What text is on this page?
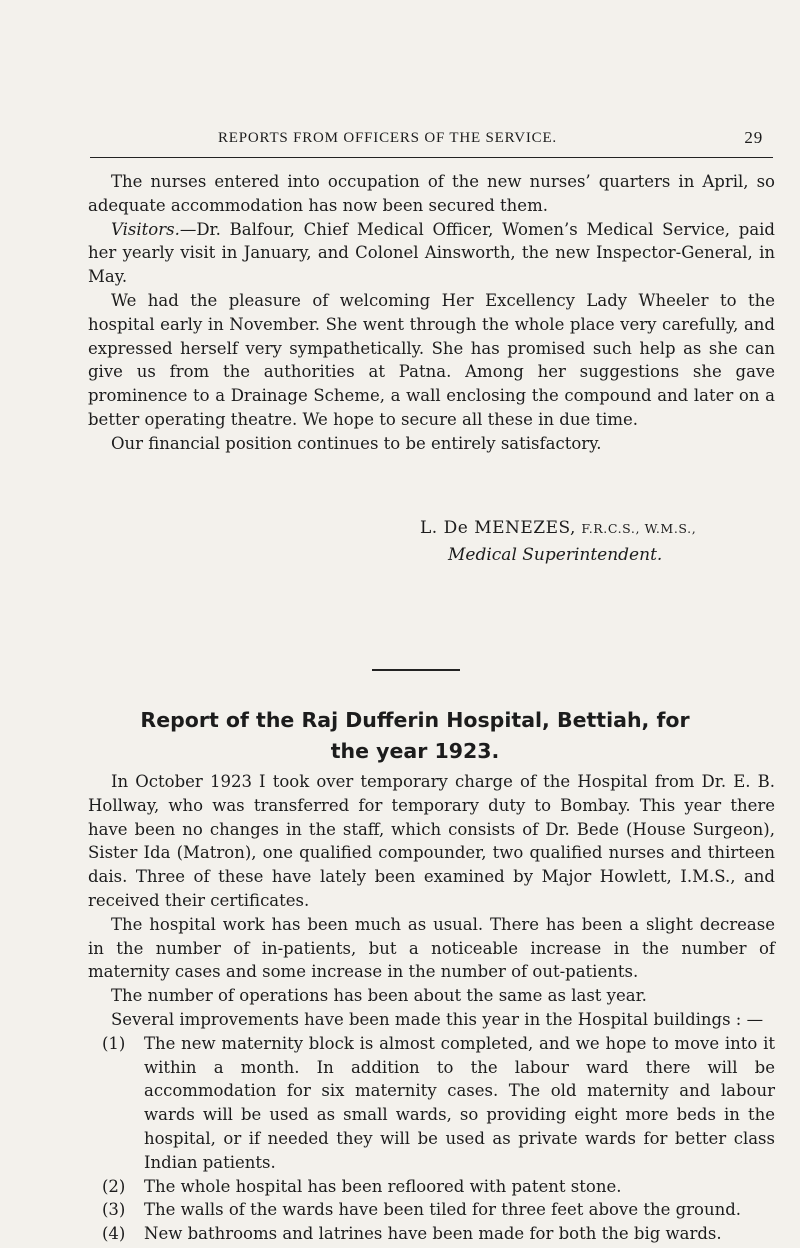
REPORTS FROM OFFICERS OF THE SERVICE.	29

The nurses entered into occupation of the new nurses’ quarters in April, so adequate accommodation has now been secured them.

Visitors.—Dr. Balfour, Chief Medical Officer, Women’s Medical Service, paid her yearly visit in January, and Colonel Ainsworth, the new Inspector-General, in May.

We had the pleasure of welcoming Her Excellency Lady Wheeler to the hospital early in November. She went through the whole place very carefully, and expressed herself very sympathetically. She has promised such help as she can give us from the authorities at Patna. Among her suggestions she gave prominence to a Drainage Scheme, a wall enclosing the compound and later on a better operating theatre. We hope to secure all these in due time.

Our financial position continues to be entirely satisfactory.

L. De MENEZES, F.R.C.S., W.M.S.,
Medical Superintendent.
Report of the Raj Dufferin Hospital, Bettiah, for
the year 1923.

In October 1923 I took over temporary charge of the Hospital from Dr. E. B. Hollway, who was transferred for temporary duty to Bombay. This year there have been no changes in the staff, which consists of Dr. Bede (House Surgeon), Sister Ida (Matron), one qualified compounder, two qualified nurses and thirteen dais. Three of these have lately been examined by Major Howlett, I.M.S., and received their certificates.

The hospital work has been much as usual. There has been a slight decrease in the number of in-patients, but a noticeable increase in the number of maternity cases and some increase in the number of out-patients.

The number of operations has been about the same as last year.

Several improvements have been made this year in the Hospital buildings : —

(1) The new maternity block is almost completed, and we hope to move into it within a month. In addition to the labour ward there will be accommodation for six maternity cases. The old maternity and labour wards will be used as small wards, so providing eight more beds in the hospital, or if needed they will be used as private wards for better class Indian patients.

(2) The whole hospital has been refloored with patent stone.

(3) The walls of the wards have been tiled for three feet above the ground.

(4) New bathrooms and latrines have been made for both the big wards.
